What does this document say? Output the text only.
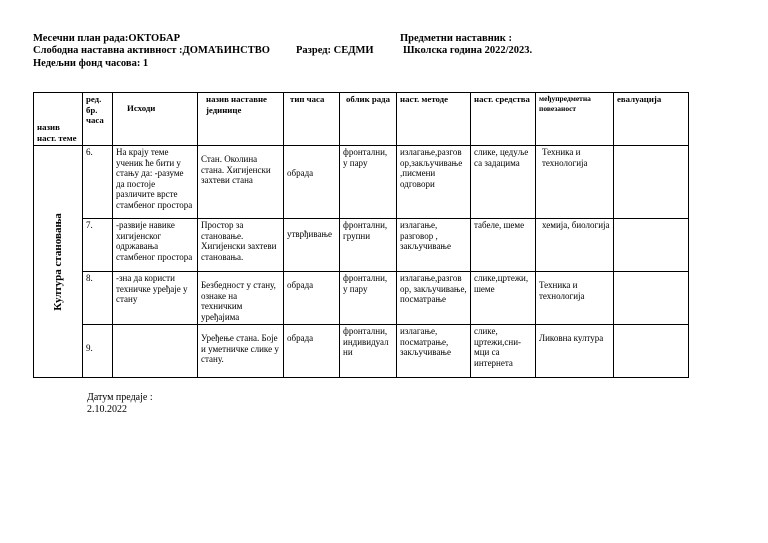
Месечни план рада:ОКТОБАР
Слободна наставна активност :ДОМАЋИНСТВО Разред: СЕДМИ
Недељни фонд часова: 1
Предметни наставник :
Школска година 2022/2023.
назив наст. теме	ред. бр. часа	Исходи	назив наставне јединице	тип часа	облик рада	наст. методе	наст. средства	међупредметна повезаност	евалуација

Култура становања	6.	На крају теме ученик ће бити у стању да: -разуме да постоје различите врсте стамбеног простора	Стан. Околина стана. Хигијенски захтеви стана	обрада	фронтални, у пару	излагање,разгов ор,закључивање ,писмени одговори	слике, цедуље са задацима	Техника и технологија	
	7.	-развије навике хигијенског одржавања стамбеног простора	Простор за становање. Хигијенски захтеви становања.	утврђивање	фронтални, групни	излагање, разговор , закључивање	табеле, шеме	хемија, биологија	
	8.	-зна да користи техничке уређаје у стану	Безбедност у стану, ознаке на техничким уређајима	обрада	фронтални, у пару	излагање,разгов ор, закључивање, посматрање	слике,цртежи, шеме	Техника и технологија	
	9.		Уређење стана. Боје и уметничке слике у стану.	обрада	фронтални, индивидуал ни	излагање, посматрање, закључивање	слике, цртежи,сни-мци са интернета	Ликовна култура	
Датум предаје :
2.10.2022
